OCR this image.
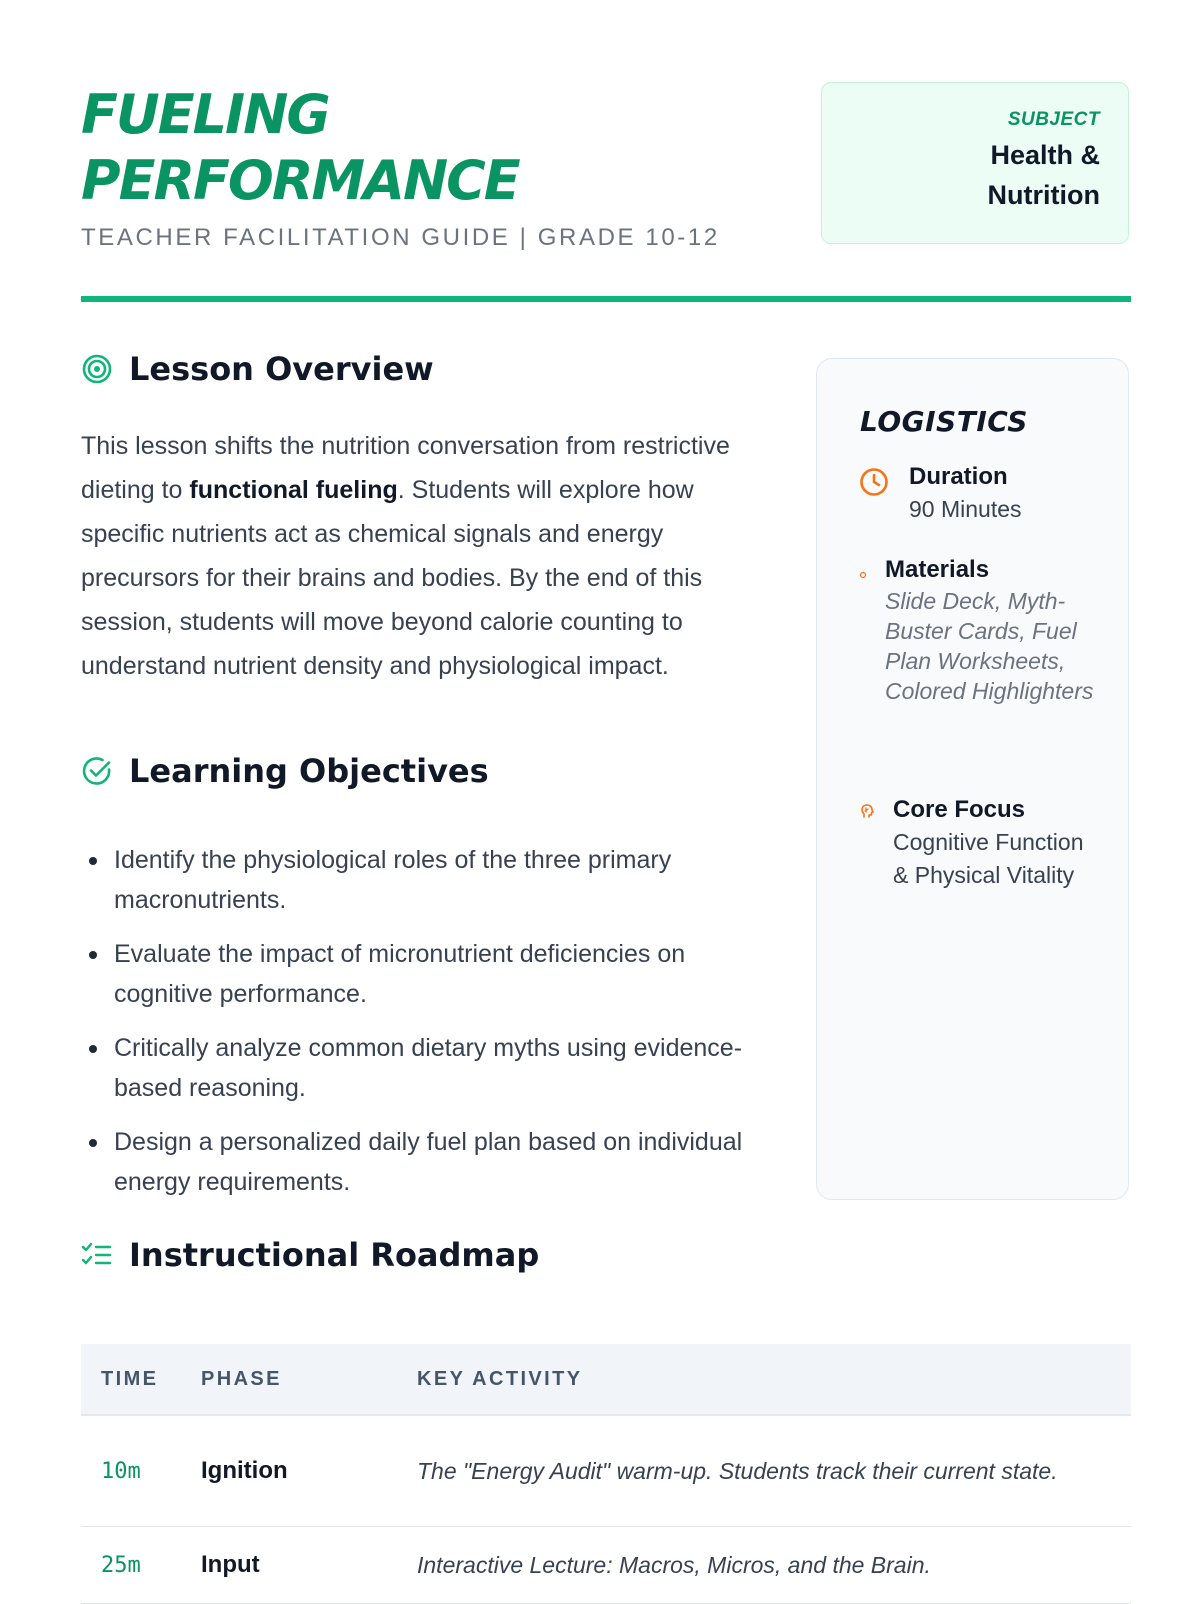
FUELING
PERFORMANCE
TEACHER FACILITATION GUIDE | GRADE 10-12
SUBJECT
Health &
Nutrition
Lesson Overview

This lesson shifts the nutrition conversation from restrictive dieting to functional fueling. Students will explore how specific nutrients act as chemical signals and energy precursors for their brains and bodies. By the end of this session, students will move beyond calorie counting to understand nutrient density and physiological impact.

Learning Objectives
Identify the physiological roles of the three primary macronutrients.
Evaluate the impact of micronutrient deficiencies on cognitive performance.
Critically analyze common dietary myths using evidence-based reasoning.
Design a personalized daily fuel plan based on individual energy requirements.
LOGISTICS
Duration
90 Minutes
Materials
Slide Deck, Myth-Buster Cards, Fuel Plan Worksheets, Colored Highlighters
Core Focus
Cognitive Function & Physical Vitality
Instructional Roadmap
TIME	PHASE	KEY ACTIVITY
10m	Ignition	The "Energy Audit" warm-up. Students track their current state.
25m	Input	Interactive Lecture: Macros, Micros, and the Brain.
